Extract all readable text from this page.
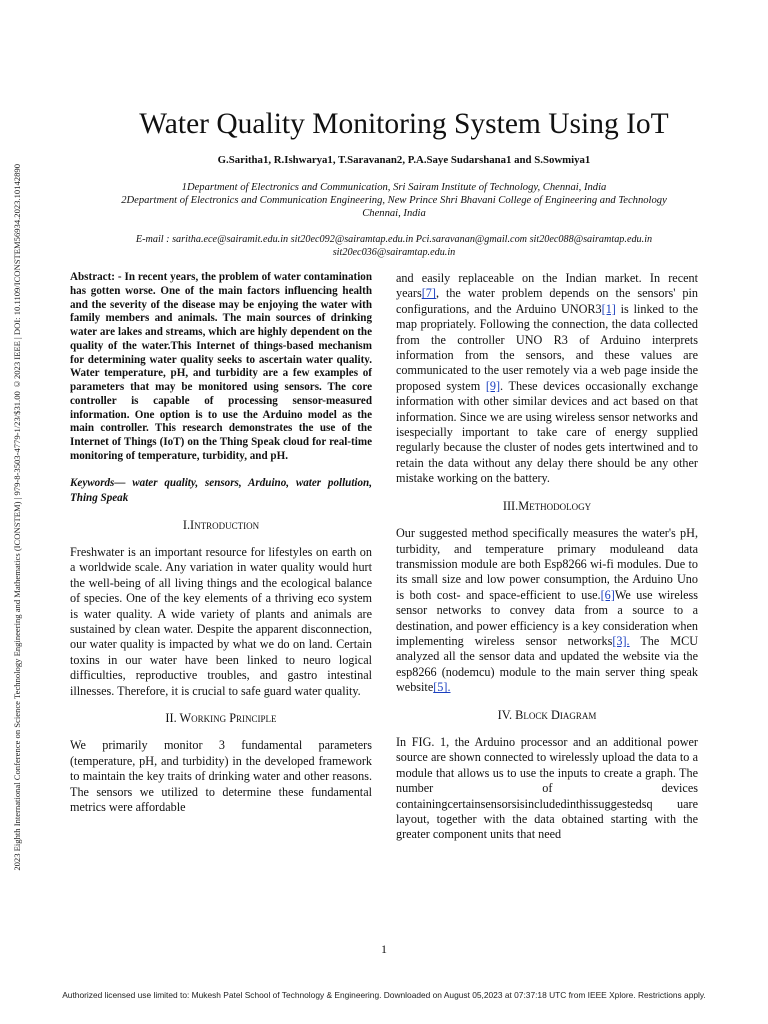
2023 Eighth International Conference on Science Technology Engineering and Mathematics (ICONSTEM) | 979-8-3503-4779-1/23/$31.00 ©2023 IEEE | DOI: 10.1109/ICONSTEM56934.2023.10142890
Water Quality Monitoring System Using IoT
G.Saritha1, R.Ishwarya1, T.Saravanan2, P.A.Saye Sudarshana1 and S.Sowmiya1
1Department of Electronics and Communication, Sri Sairam Institute of Technology, Chennai, India
2Department of Electronics and Communication Engineering, New Prince Shri Bhavani College of Engineering and Technology
Chennai, India
E-mail : saritha.ece@sairamit.edu.in sit20ec092@sairamtap.edu.in Pci.saravanan@gmail.com sit20ec088@sairamtap.edu.in
sit20ec036@sairamtap.edu.in

Abstract: - In recent years, the problem of water contamination has gotten worse. One of the main factors influencing health and the severity of the disease may be enjoying the water with family members and animals. The main sources of drinking water are lakes and streams, which are highly dependent on the quality of the water.This Internet of things-based mechanism for determining water quality seeks to ascertain water quality. Water temperature, pH, and turbidity are a few examples of parameters that may be monitored using sensors. The core controller is capable of processing sensor-measured information. One option is to use the Arduino model as the main controller. This research demonstrates the use of the Internet of Things (IoT) on the Thing Speak cloud for real-time monitoring of temperature, turbidity, and pH.

Keywords— water quality, sensors, Arduino, water pollution, Thing Speak

I.Introduction

Freshwater is an important resource for lifestyles on earth on a worldwide scale. Any variation in water quality would hurt the well-being of all living things and the ecological balance of species. One of the key elements of a thriving eco system is water quality. A wide variety of plants and animals are sustained by clean water. Despite the apparent disconnection, our water quality is impacted by what we do on land. Certain toxins in our water have been linked to neuro logical difficulties, reproductive troubles, and gastro intestinal illnesses. Therefore, it is crucial to safe guard water quality.

II. Working Principle

We primarily monitor 3 fundamental parameters (temperature, pH, and turbidity) in the developed framework to maintain the key traits of drinking water and other reasons. The sensors we utilized to determine these fundamental metrics were affordable

and easily replaceable on the Indian market. In recent years[7], the water problem depends on the sensors' pin configurations, and the Arduino UNOR3[1] is linked to the map propriately. Following the connection, the data collected from the controller UNO R3 of Arduino interprets information from the sensors, and these values are communicated to the user remotely via a web page inside the proposed system [9]. These devices occasionally exchange information with other similar devices and act based on that information. Since we are using wireless sensor networks and isespecially important to take care of energy supplied regularly because the cluster of nodes gets intertwined and to retain the data without any delay there should be any other mistake working on the battery.

III.Methodology

Our suggested method specifically measures the water's pH, turbidity, and temperature primary moduleand data transmission module are both Esp8266 wi-fi modules. Due to its small size and low power consumption, the Arduino Uno is both cost- and space-efficient to use.[6]We use wireless sensor networks to convey data from a source to a destination, and power efficiency is a key consideration when implementing wireless sensor networks[3]. The MCU analyzed all the sensor data and updated the website via the esp8266 (nodemcu) module to the main server thing speak website[5].

IV. Block Diagram

In FIG. 1, the Arduino processor and an additional power source are shown connected to wirelessly upload the data to a module that allows us to use the inputs to create a graph. The number of devices containingcertainsensorsisincludedinthissuggestedsq uare layout, together with the data obtained starting with the greater component units that need

1
Authorized licensed use limited to: Mukesh Patel School of Technology & Engineering. Downloaded on August 05,2023 at 07:37:18 UTC from IEEE Xplore. Restrictions apply.
